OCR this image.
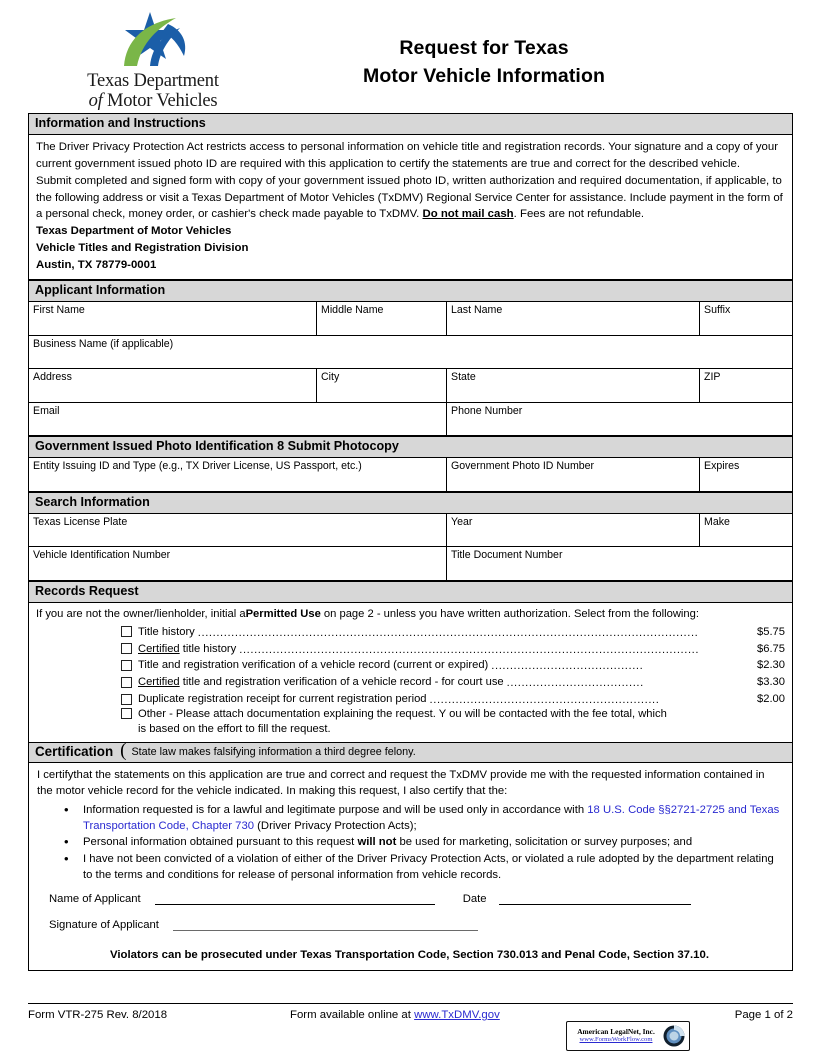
Texas Department
of Motor Vehicles
Request for Texas
Motor Vehicle Information
Information and Instructions
The Driver Privacy Protection Act restricts access to personal information on vehicle title and registration records. Your signature and a copy of your current government issued photo ID are required with this application to certify the statements are true and correct for the described vehicle.
Submit completed and signed form with copy of your government issued photo ID, written authorization and required documentation, if applicable, to the following address or visit a Texas Department of Motor Vehicles (TxDMV) Regional Service Center for assistance. Include payment in the form of a personal check, money order, or cashier's check made payable to TxDMV. Do not mail cash. Fees are not refundable.
Texas Department of Motor Vehicles
Vehicle Titles and Registration Division
Austin, TX 78779-0001
Applicant Information
First Name	Middle Name	Last Name	Suffix
Business Name (if applicable)
Address	City	State	ZIP
Email	Phone Number
Government Issued Photo Identification 8 Submit Photocopy
Entity Issuing ID and Type (e.g., TX Driver License, US Passport, etc.)	Government Photo ID Number	Expires
Search Information
Texas License Plate	Year	Make
Vehicle Identification Number	Title Document Number
Records Request
If you are not the owner/lienholder, initial aPermitted Use on page 2 - unless you have written authorization. Select from the following:
Title history .......................................................................................................................................	$5.75
Certified title history ............................................................................................................................	$6.75
Title and registration verification of a vehicle record (current or expired) .........................................	$2.30
Certified title and registration verification of a vehicle record - for court use .....................................	$3.30
Duplicate registration receipt for current registration period ..............................................................	$2.00
Other - Please attach documentation explaining the request. Y ou will be contacted with the fee total, which
is based on the effort to fill the request.
Certification ( State law makes falsifying information a third degree felony.
I certifythat the statements on this application are true and correct and request the TxDMV provide me with the requested information contained in the motor vehicle record for the vehicle indicated. In making this request, I also certify that the:
• Information requested is for a lawful and legitimate purpose and will be used only in accordance with 18 U.S. Code §§2721-2725 and Texas Transportation Code, Chapter 730 (Driver Privacy Protection Acts);
• Personal information obtained pursuant to this request will not be used for marketing, solicitation or survey purposes; and
• I have not been convicted of a violation of either of the Driver Privacy Protection Acts, or violated a rule adopted by the department relating to the terms and conditions for release of personal information from vehicle records.
Name of Applicant	Date
Signature of Applicant
Violators can be prosecuted under Texas Transportation Code, Section 730.013 and Penal Code, Section 37.10.
Form VTR-275 Rev. 8/2018	Form available online at www.TxDMV.gov	Page 1 of 2
American LegalNet, Inc.
www.FormsWorkFlow.com
